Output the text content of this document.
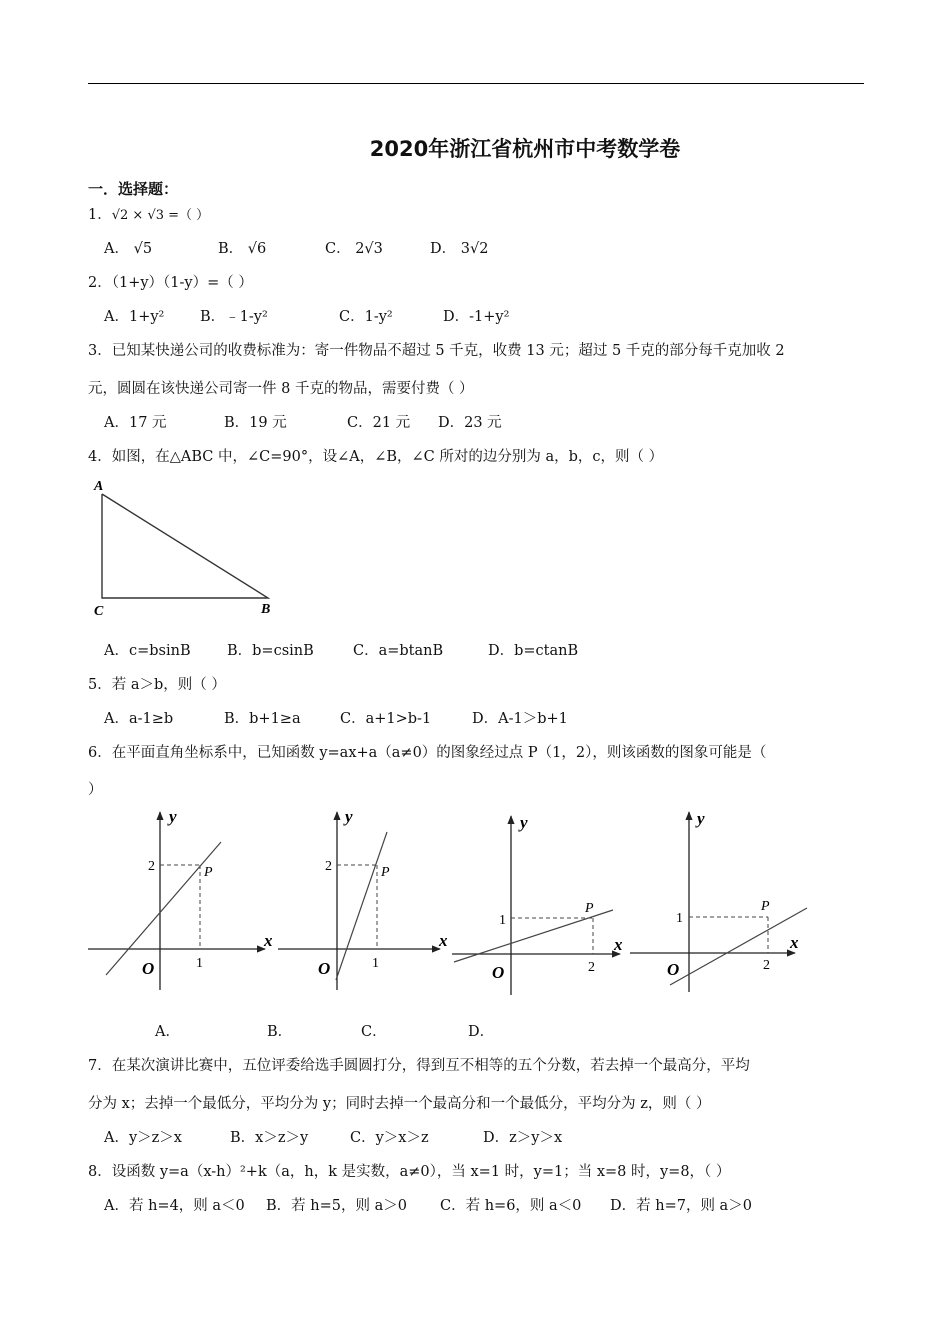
2020年浙江省杭州市中考数学卷
一．选择题：
1．√2 × √3 =（ ）
A． √5	B． √6	C． 2√3	D． 3√2
2．（1+y）（1-y）=（ ）
A．1+y² B．﹣1-y²	C．1-y²	D．-1+y²
3．已知某快递公司的收费标准为：寄一件物品不超过 5 千克，收费 13 元；超过 5 千克的部分每千克加收 2
元，圆圆在该快递公司寄一件 8 千克的物品，需要付费（ ）
A．17 元	B．19 元	C．21 元 D．23 元
4．如图，在△ABC 中，∠C=90°，设∠A，∠B，∠C 所对的边分别为 a，b，c，则（ ）
A
C	B
A．c=bsinB	B．b=csinB	C．a=btanB	D．b=ctanB
5．若 a＞b，则（ ）
A．a-1≥b	B．b+1≥a	C．a+1>b-1	D．A-1＞b+1
6．在平面直角坐标系中，已知函数 y=ax+a（a≠0）的图象经过点 P（1，2），则该函数的图象可能是（
）
y
x
O
P
2
1
y
x
O
P
2
1
y
x
O
P
1
2
y
x
O
P
1
2
A．	B．	C．	D．
7．在某次演讲比赛中，五位评委给选手圆圆打分，得到互不相等的五个分数，若去掉一个最高分，平均
分为 x；去掉一个最低分，平均分为 y；同时去掉一个最高分和一个最低分，平均分为 z，则（ ）
A．y＞z＞x	B．x＞z＞y	C．y＞x＞z	D．z＞y＞x
8．设函数 y=a（x-h）²+k（a，h，k 是实数，a≠0），当 x=1 时，y=1；当 x=8 时，y=8，（ ）
A．若 h=4，则 a＜0 B．若 h=5，则 a＞0 C．若 h=6，则 a＜0 D．若 h=7，则 a＞0
